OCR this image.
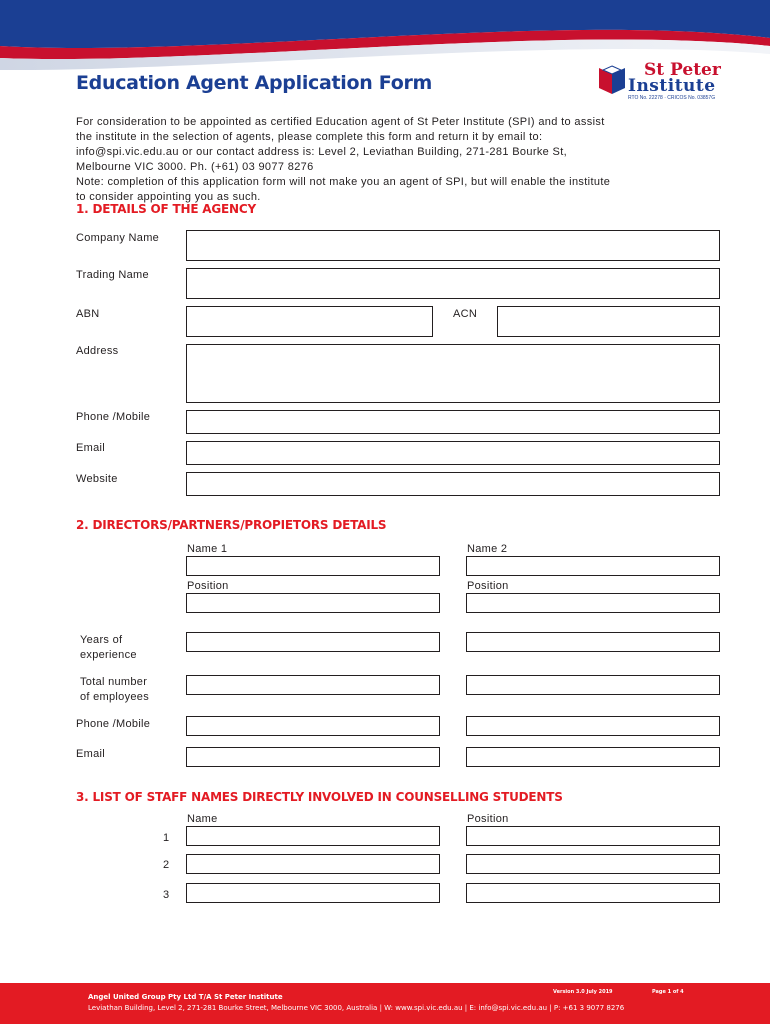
Education Agent Application Form
St Peter
Institute
RTO No. 22278 · CRICOS No. 03857G

For consideration to be appointed as certified Education agent of St Peter Institute (SPI) and to assist

the institute in the selection of agents, please complete this form and return it by email to:

info@spi.vic.edu.au or our contact address is: Level 2, Leviathan Building, 271-281 Bourke St,

Melbourne VIC 3000. Ph. (+61) 03 9077 8276

Note: completion of this application form will not make you an agent of SPI, but will enable the institute

to consider appointing you as such.

1. DETAILS OF THE AGENCY
Company Name
Trading Name
ABN	ACN
Address
Phone /Mobile
Email
Website
2. DIRECTORS/PARTNERS/PROPIETORS DETAILS
Name 1	Name 2
Position	Position
Years of
experience
Total number
of employees
Phone /Mobile
Email
3. LIST OF STAFF NAMES DIRECTLY INVOLVED IN COUNSELLING STUDENTS
Name	Position
1
2
3
Angel United Group Pty Ltd T/A St Peter Institute
Version 3.0 July 2019	Page 1 of 4
Leviathan Building, Level 2, 271-281 Bourke Street, Melbourne VIC 3000, Australia | W: www.spi.vic.edu.au | E: info@spi.vic.edu.au | P: +61 3 9077 8276
